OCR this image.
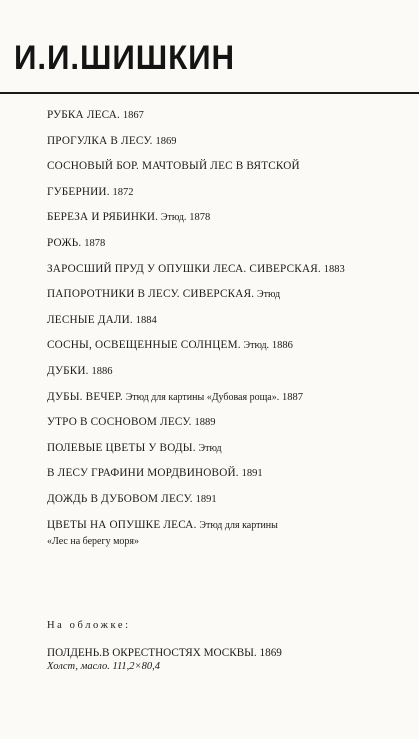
И.И.ШИШКИН
РУБКА ЛЕСА. 1867
ПРОГУЛКА В ЛЕСУ. 1869
СОСНОВЫЙ БОР. МАЧТОВЫЙ ЛЕС В ВЯТСКОЙ
ГУБЕРНИИ. 1872
БЕРЕЗА И РЯБИНКИ. Этюд. 1878
РОЖЬ. 1878
ЗАРОСШИЙ ПРУД У ОПУШКИ ЛЕСА. СИВЕРСКАЯ. 1883
ПАПОРОТНИКИ В ЛЕСУ. СИВЕРСКАЯ. Этюд
ЛЕСНЫЕ ДАЛИ. 1884
СОСНЫ, ОСВЕЩЕННЫЕ СОЛНЦЕМ. Этюд. 1886
ДУБКИ. 1886
ДУБЫ. ВЕЧЕР. Этюд для картины «Дубовая роща». 1887
УТРО В СОСНОВОМ ЛЕСУ. 1889
ПОЛЕВЫЕ ЦВЕТЫ У ВОДЫ. Этюд
В ЛЕСУ ГРАФИНИ МОРДВИНОВОЙ. 1891
ДОЖДЬ В ДУБОВОМ ЛЕСУ. 1891
ЦВЕТЫ НА ОПУШКЕ ЛЕСА. Этюд для картины
«Лес на берегу моря»
На обложке:
ПОЛДЕНЬ.В ОКРЕСТНОСТЯХ МОСКВЫ. 1869
Холст, масло. 111,2×80,4
